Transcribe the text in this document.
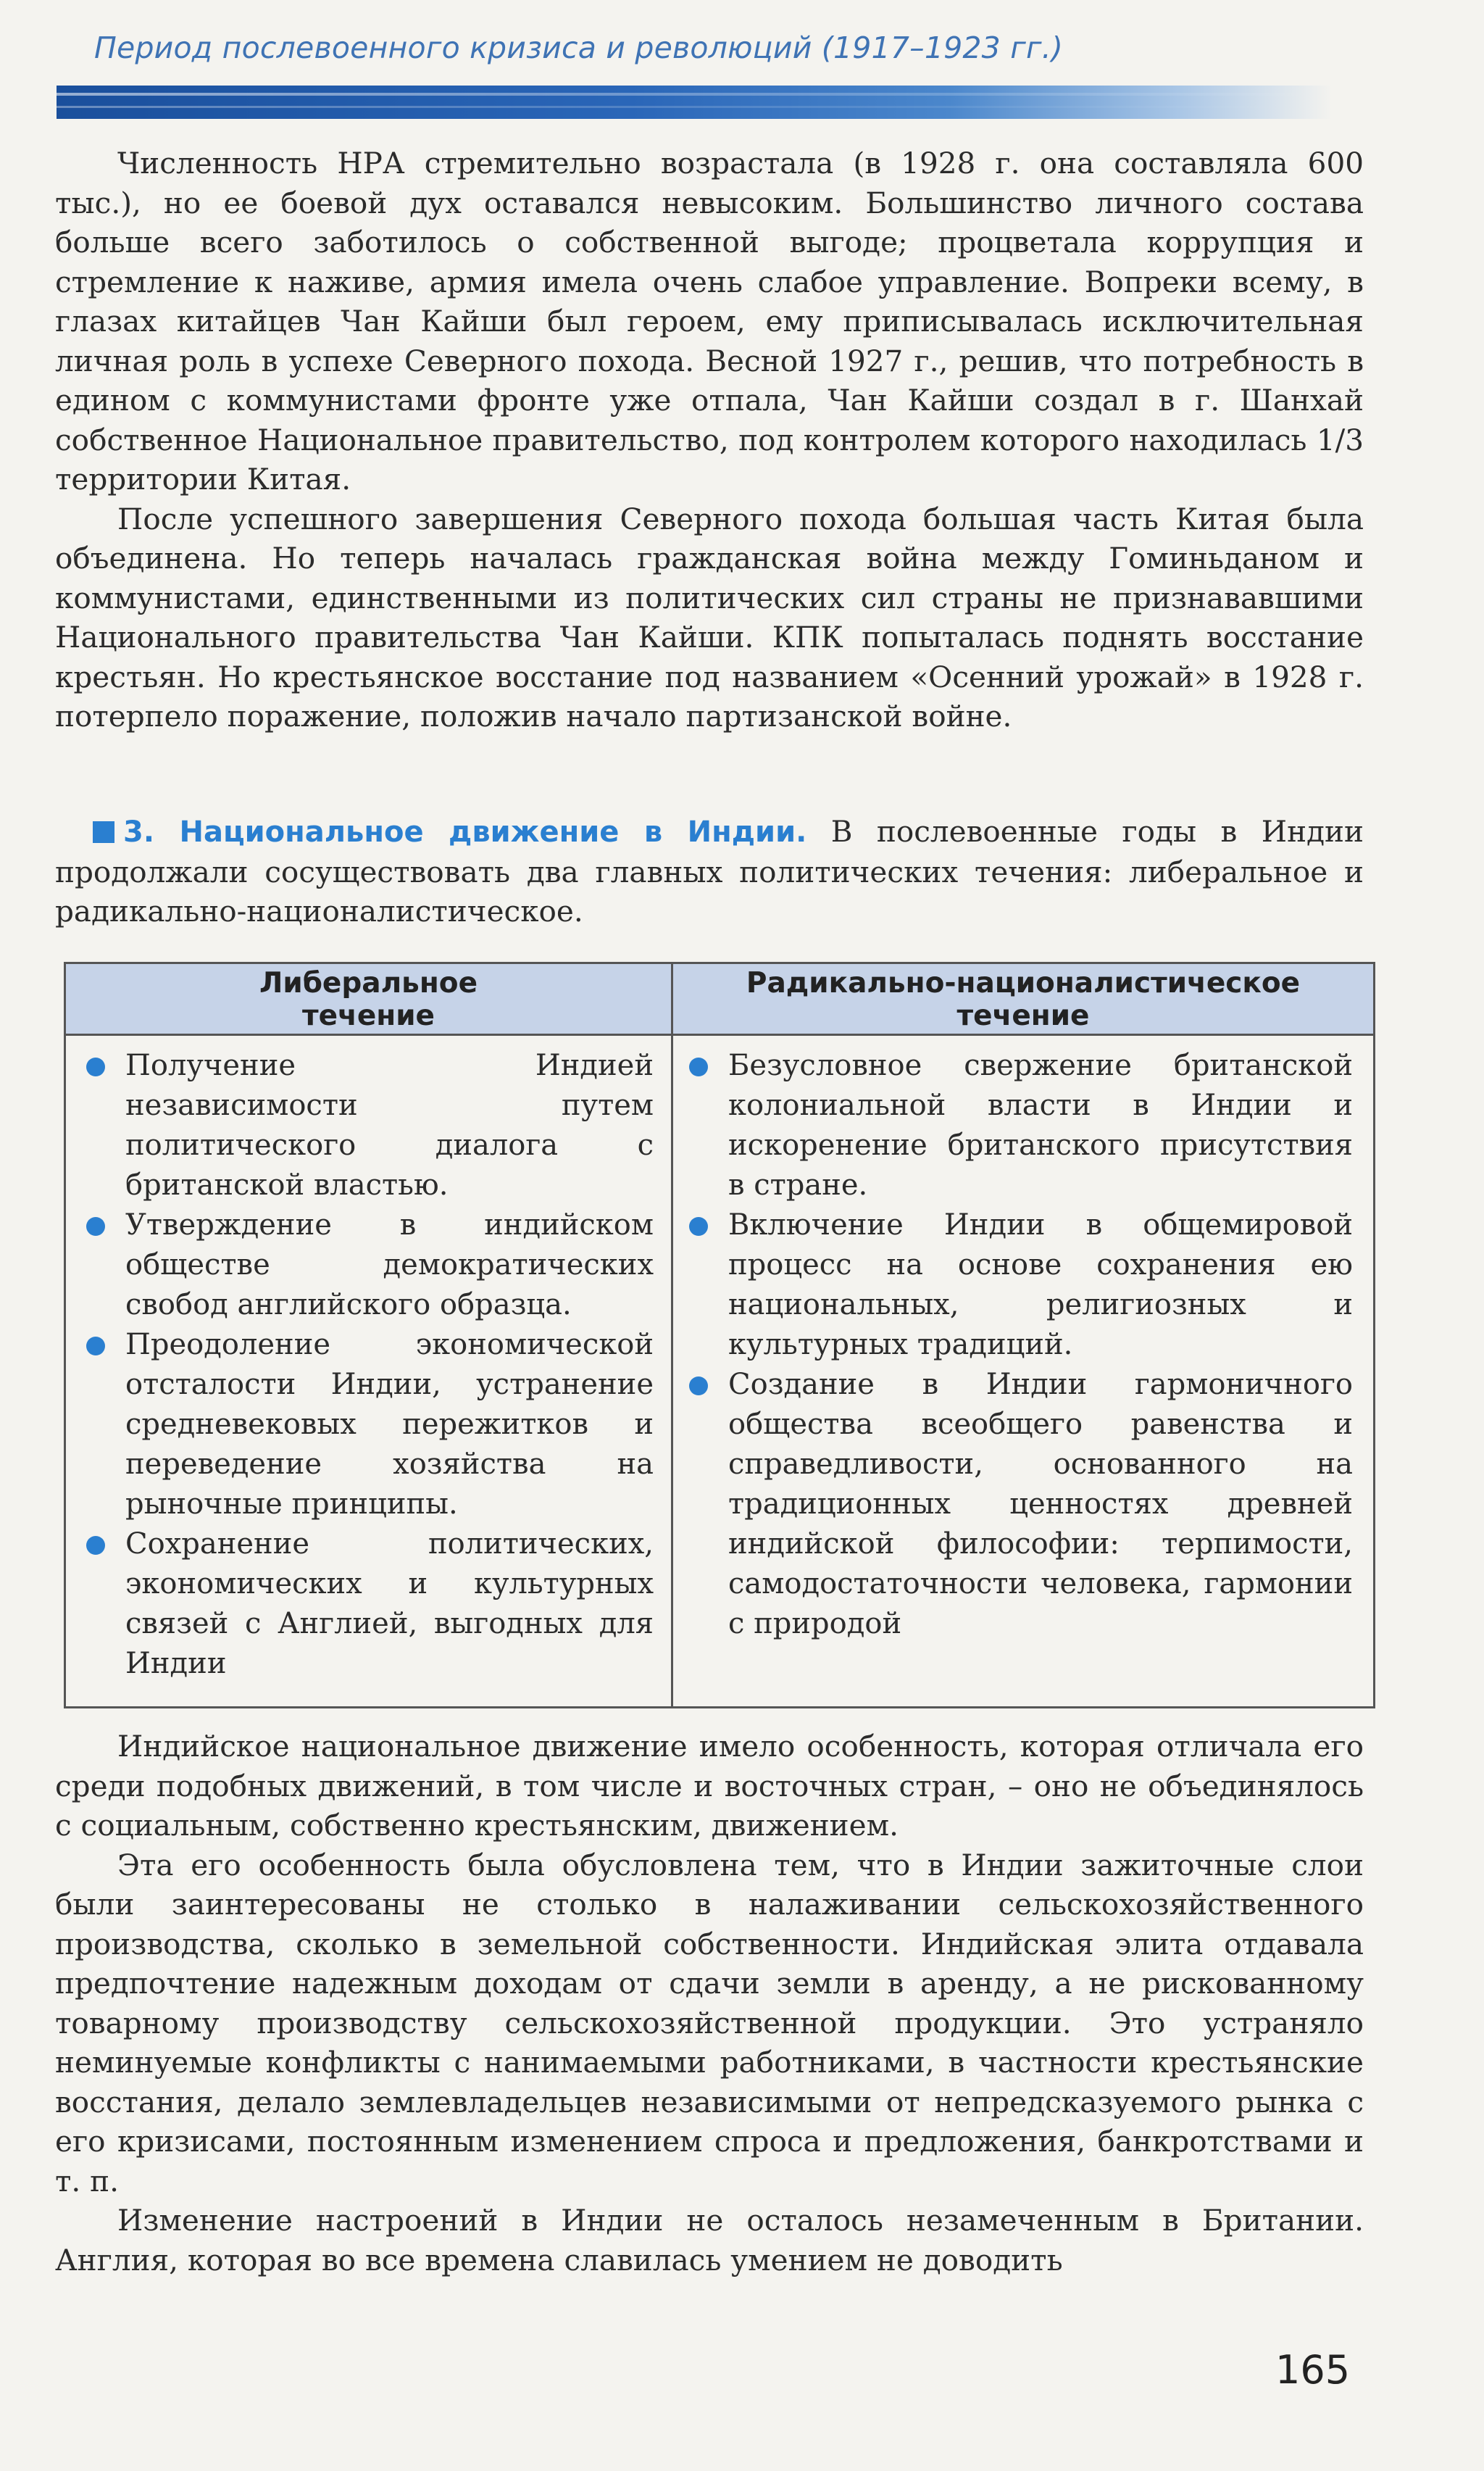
Период послевоенного кризиса и революций (1917–1923 гг.)

Численность НРА стремительно возрастала (в 1928 г. она составляла 600 тыс.), но ее боевой дух оставался невысоким. Большинство личного состава больше всего заботилось о собственной выгоде; процветала коррупция и стремление к наживе, армия имела очень слабое управление. Вопреки всему, в глазах китайцев Чан Кайши был героем, ему приписывалась исключительная личная роль в успехе Северного похода. Весной 1927 г., решив, что потребность в едином с коммунистами фронте уже отпала, Чан Кайши создал в г. Шанхай собственное Национальное правительство, под контролем которого находилась 1/3 территории Китая.

После успешного завершения Северного похода большая часть Китая была объединена. Но теперь началась гражданская война между Гоминьданом и коммунистами, единственными из политических сил страны не признававшими Национального правительства Чан Кайши. КПК попыталась поднять восстание крестьян. Но крестьянское восстание под названием «Осенний урожай» в 1928 г. потерпело поражение, положив начало партизанской войне.

3. Национальное движение в Индии. В послевоенные годы в Индии продолжали сосуществовать два главных политических течения: либеральное и радикально-националистическое.

Либеральное течение
Радикально-националистическое течение
Получение Индией независимости путем политического диалога с британской властью.
Утверждение в индийском обществе демократических свобод английского образца.
Преодоление экономической отсталости Индии, устранение средневековых пережитков и переведение хозяйства на рыночные принципы.
Сохранение политических, экономических и культурных связей с Англией, выгодных для Индии
Безусловное свержение британской колониальной власти в Индии и искоренение британского присутствия в стране.
Включение Индии в общемировой процесс на основе сохранения ею национальных, религиозных и культурных традиций.
Создание в Индии гармоничного общества всеобщего равенства и справедливости, основанного на традиционных ценностях древней индийской философии: терпимости, самодостаточности человека, гармонии с природой

Индийское национальное движение имело особенность, которая отличала его среди подобных движений, в том числе и восточных стран, – оно не объединялось с социальным, собственно крестьянским, движением.

Эта его особенность была обусловлена тем, что в Индии зажиточные слои были заинтересованы не столько в налаживании сельскохозяйственного производства, сколько в земельной собственности. Индийская элита отдавала предпочтение надежным доходам от сдачи земли в аренду, а не рискованному товарному производству сельскохозяйственной продукции. Это устраняло неминуемые конфликты с нанимаемыми работниками, в частности крестьянские восстания, делало землевладельцев независимыми от непредсказуемого рынка с его кризисами, постоянным изменением спроса и предложения, банкротствами и т. п.

Изменение настроений в Индии не осталось незамеченным в Британии. Англия, которая во все времена славилась умением не доводить

165
